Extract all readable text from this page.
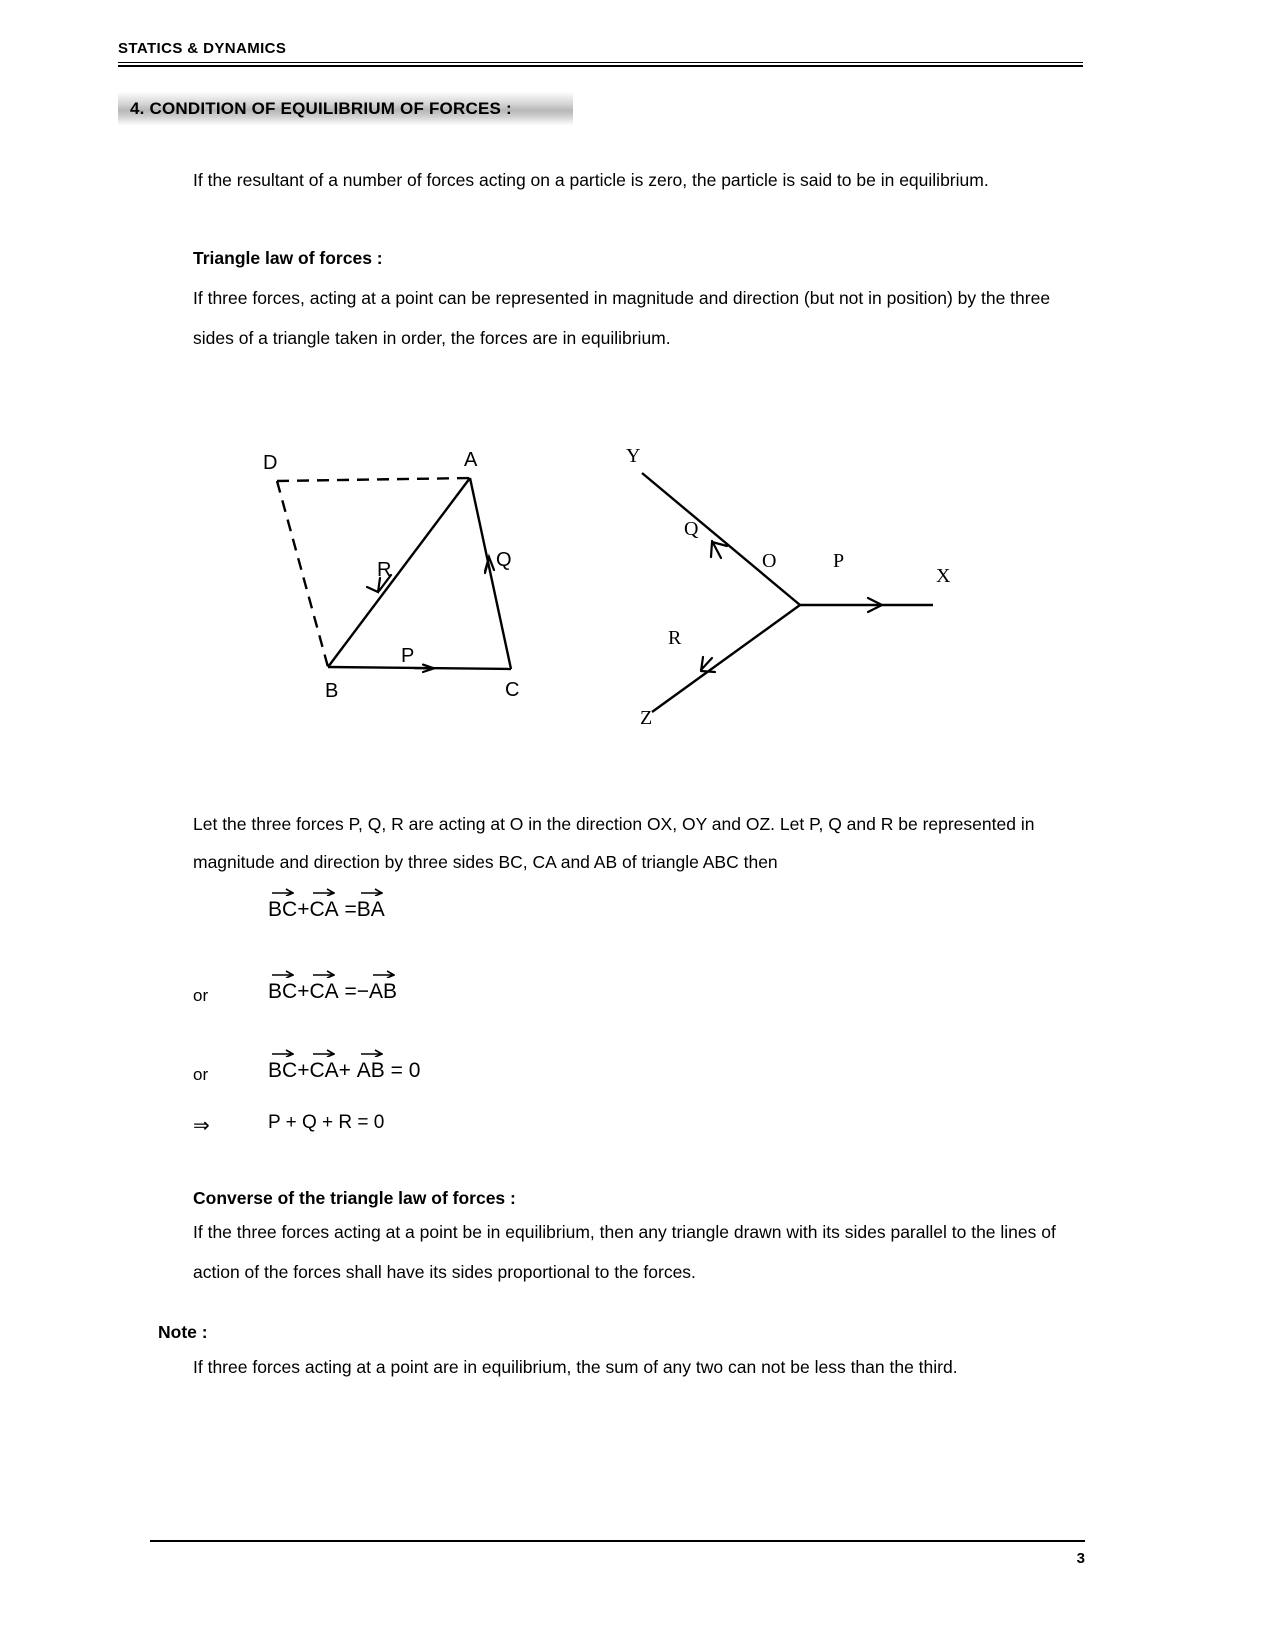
STATICS & DYNAMICS
4. CONDITION OF EQUILIBRIUM OF FORCES :
If the resultant of a number of forces acting on a particle is zero, the particle is said to be in equilibrium.
Triangle law of forces :
If three forces, acting at a point can be represented in magnitude and direction (but not in position) by the three sides of a triangle taken in order, the forces are in equilibrium.
D	A
B	C
Q
R
P
Y
Z
X
O
Q
R
P
Let the three forces P, Q, R are acting at O in the direction OX, OY and OZ. Let P, Q and R be represented in magnitude and direction by three sides BC, CA and AB of triangle ABC then
BC+
CA =
BA
or	BC+
CA =−
AB
or	BC+
CA+ AB = 0
⇒	P + Q + R = 0
Converse of the triangle law of forces :
If the three forces acting at a point be in equilibrium, then any triangle drawn with its sides parallel to the lines of action of the forces shall have its sides proportional to the forces.
Note :
If three forces acting at a point are in equilibrium, the sum of any two can not be less than the third.
3
